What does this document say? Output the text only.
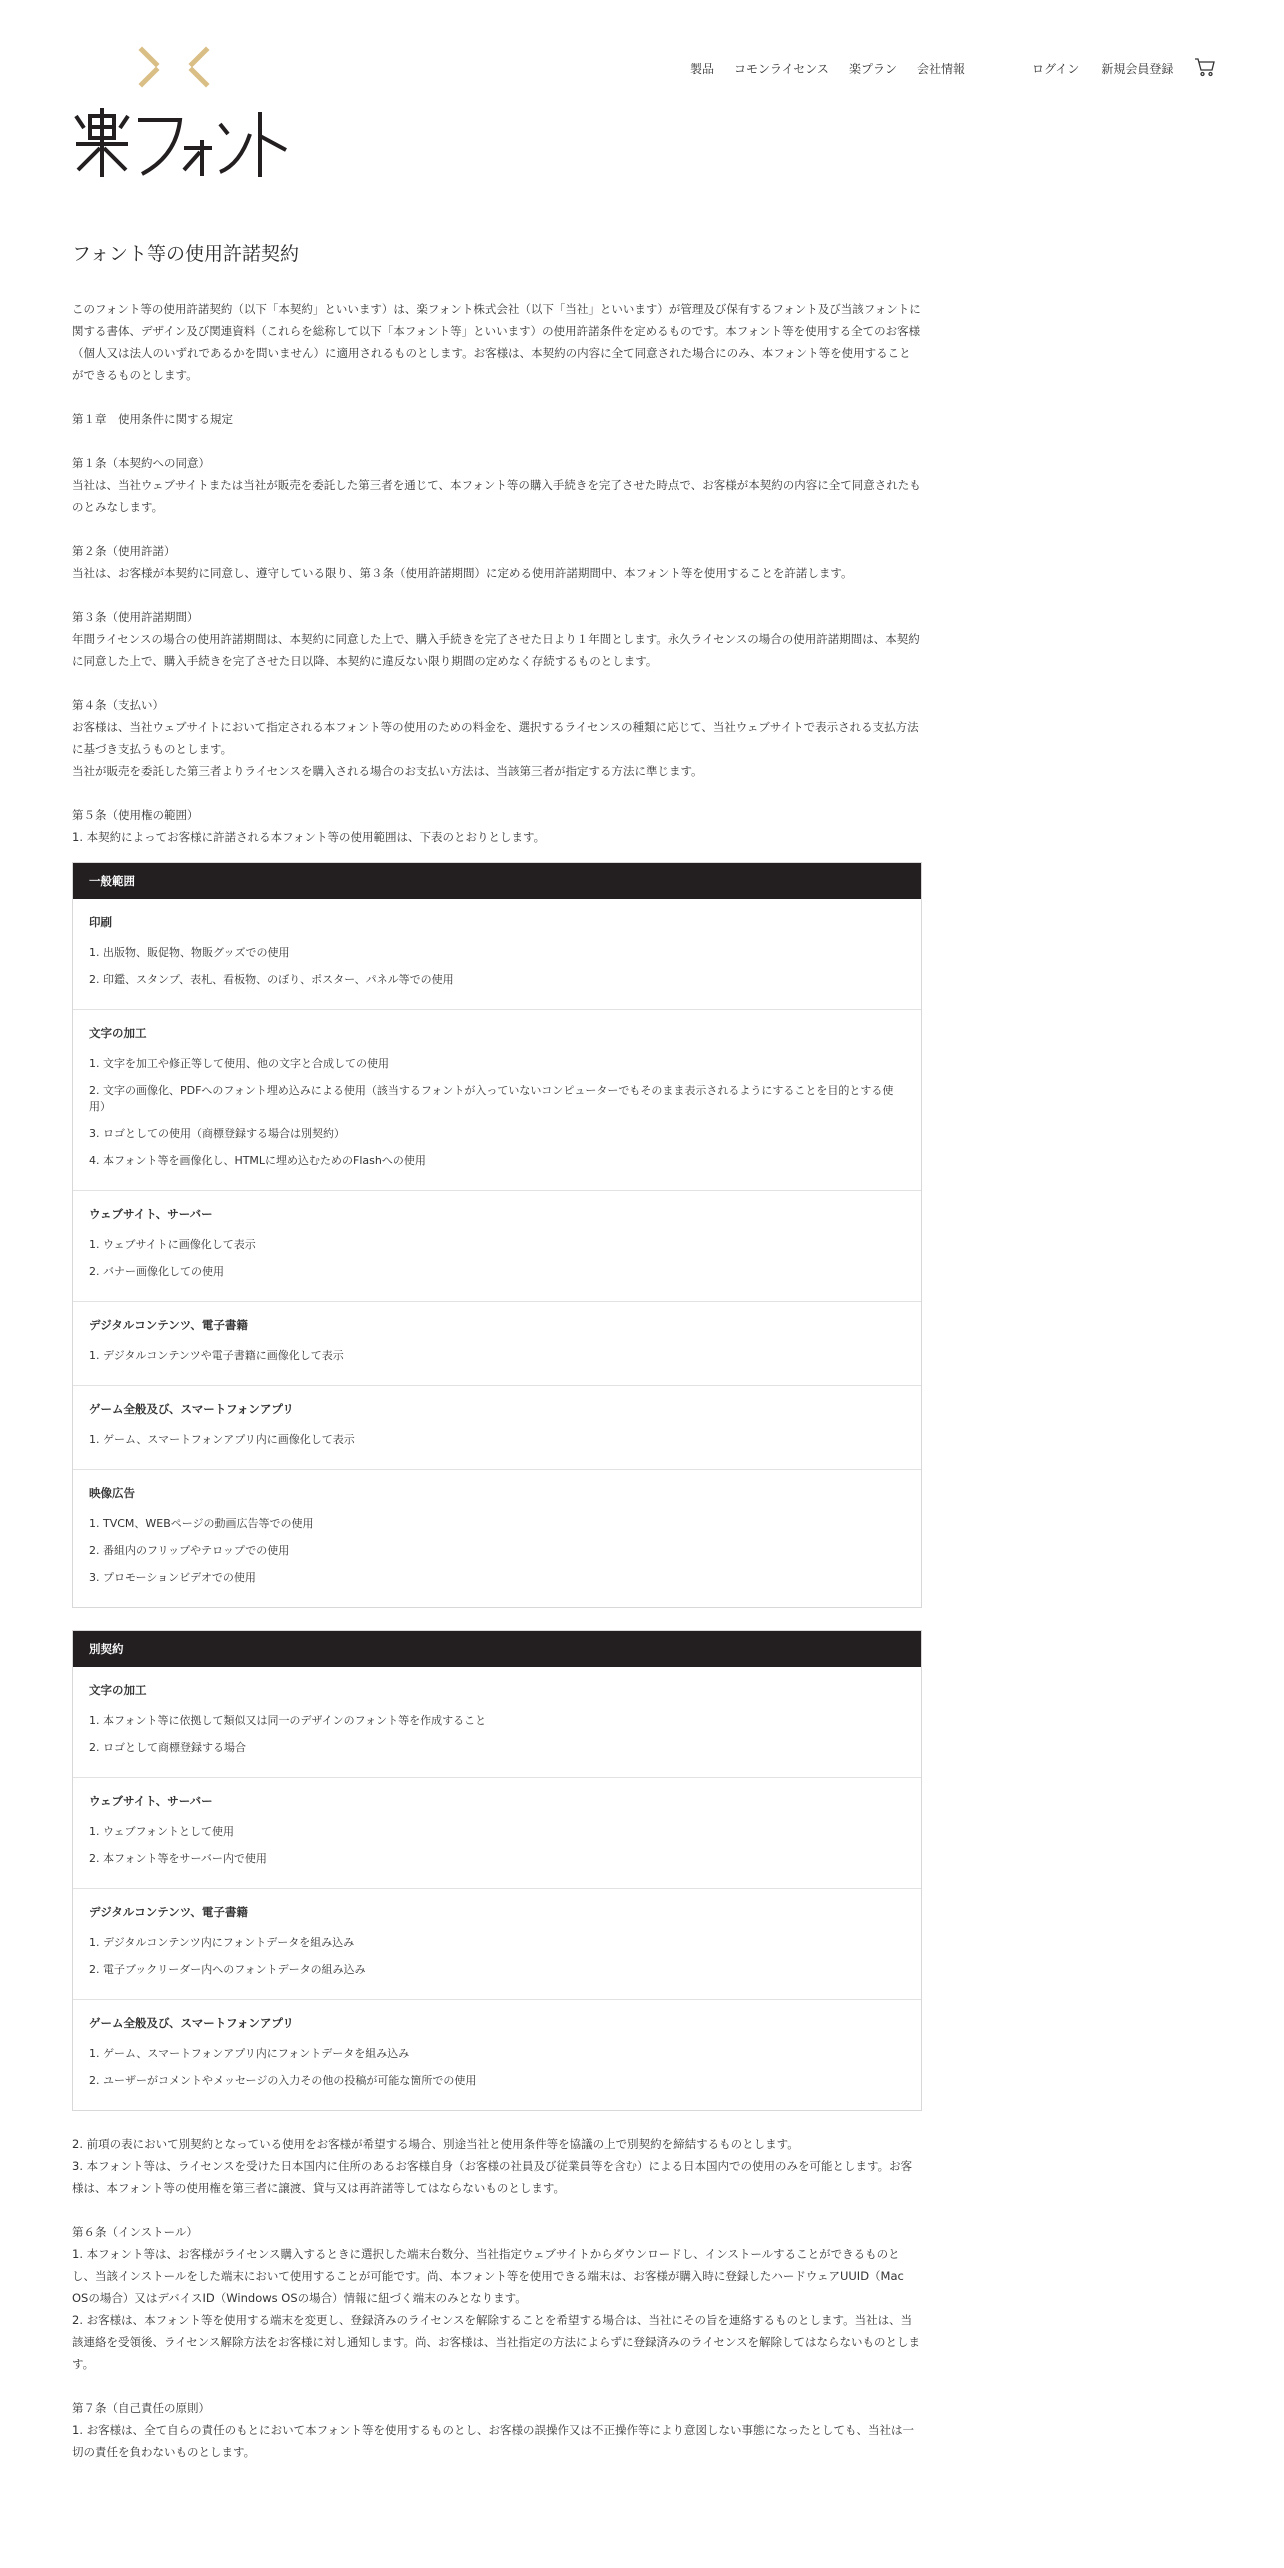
製品 コモンライセンス 楽プラン 会社情報	ログイン 新規会員登録
フォント等の使用許諾契約

このフォント等の使用許諾契約（以下「本契約」といいます）は、楽フォント株式会社（以下「当社」といいます）が管理及び保有するフォント及び当該フォントに関する書体、デザイン及び関連資料（これらを総称して以下「本フォント等」といいます）の使用許諾条件を定めるものです。本フォント等を使用する全てのお客様（個人又は法人のいずれであるかを問いません）に適用されるものとします。お客様は、本契約の内容に全て同意された場合にのみ、本フォント等を使用することができるものとします。

第１章　使用条件に関する規定

第１条（本契約への同意）
当社は、当社ウェブサイトまたは当社が販売を委託した第三者を通じて、本フォント等の購入手続きを完了させた時点で、お客様が本契約の内容に全て同意されたものとみなします。

第２条（使用許諾）
当社は、お客様が本契約に同意し、遵守している限り、第３条（使用許諾期間）に定める使用許諾期間中、本フォント等を使用することを許諾します。

第３条（使用許諾期間）
年間ライセンスの場合の使用許諾期間は、本契約に同意した上で、購入手続きを完了させた日より１年間とします。永久ライセンスの場合の使用許諾期間は、本契約に同意した上で、購入手続きを完了させた日以降、本契約に違反ない限り期間の定めなく存続するものとします。

第４条（支払い）
お客様は、当社ウェブサイトにおいて指定される本フォント等の使用のための料金を、選択するライセンスの種類に応じて、当社ウェブサイトで表示される支払方法に基づき支払うものとします。
当社が販売を委託した第三者よりライセンスを購入される場合のお支払い方法は、当該第三者が指定する方法に準じます。

第５条（使用権の範囲）
1. 本契約によってお客様に許諾される本フォント等の使用範囲は、下表のとおりとします。

一般範囲
印刷
1. 出版物、販促物、物販グッズでの使用
2. 印鑑、スタンプ、表札、看板物、のぼり、ポスター、パネル等での使用
文字の加工
1. 文字を加工や修正等して使用、他の文字と合成しての使用
2. 文字の画像化、PDFへのフォント埋め込みによる使用（該当するフォントが入っていないコンピューターでもそのまま表示されるようにすることを目的とする使用）
3. ロゴとしての使用（商標登録する場合は別契約）
4. 本フォント等を画像化し、HTMLに埋め込むためのFlashへの使用
ウェブサイト、サーバー
1. ウェブサイトに画像化して表示
2. バナー画像化しての使用
デジタルコンテンツ、電子書籍
1. デジタルコンテンツや電子書籍に画像化して表示
ゲーム全般及び、スマートフォンアプリ
1. ゲーム、スマートフォンアプリ内に画像化して表示
映像広告
1. TVCM、WEBページの動画広告等での使用
2. 番組内のフリップやテロップでの使用
3. プロモーションビデオでの使用
別契約
文字の加工
1. 本フォント等に依拠して類似又は同一のデザインのフォント等を作成すること
2. ロゴとして商標登録する場合
ウェブサイト、サーバー
1. ウェブフォントとして使用
2. 本フォント等をサーバー内で使用
デジタルコンテンツ、電子書籍
1. デジタルコンテンツ内にフォントデータを組み込み
2. 電子ブックリーダー内へのフォントデータの組み込み
ゲーム全般及び、スマートフォンアプリ
1. ゲーム、スマートフォンアプリ内にフォントデータを組み込み
2. ユーザーがコメントやメッセージの入力その他の投稿が可能な箇所での使用

2. 前項の表において別契約となっている使用をお客様が希望する場合、別途当社と使用条件等を協議の上で別契約を締結するものとします。
3. 本フォント等は、ライセンスを受けた日本国内に住所のあるお客様自身（お客様の社員及び従業員等を含む）による日本国内での使用のみを可能とします。お客様は、本フォント等の使用権を第三者に譲渡、貸与又は再許諾等してはならないものとします。

第６条（インストール）
1. 本フォント等は、お客様がライセンス購入するときに選択した端末台数分、当社指定ウェブサイトからダウンロードし、インストールすることができるものとし、当該インストールをした端末において使用することが可能です。尚、本フォント等を使用できる端末は、お客様が購入時に登録したハードウェアUUID（Mac OSの場合）又はデバイスID（Windows OSの場合）情報に紐づく端末のみとなります。
2. お客様は、本フォント等を使用する端末を変更し、登録済みのライセンスを解除することを希望する場合は、当社にその旨を連絡するものとします。当社は、当該連絡を受領後、ライセンス解除方法をお客様に対し通知します。尚、お客様は、当社指定の方法によらずに登録済みのライセンスを解除してはならないものとします。

第７条（自己責任の原則）
1. お客様は、全て自らの責任のもとにおいて本フォント等を使用するものとし、お客様の誤操作又は不正操作等により意図しない事態になったとしても、当社は一切の責任を負わないものとします。
